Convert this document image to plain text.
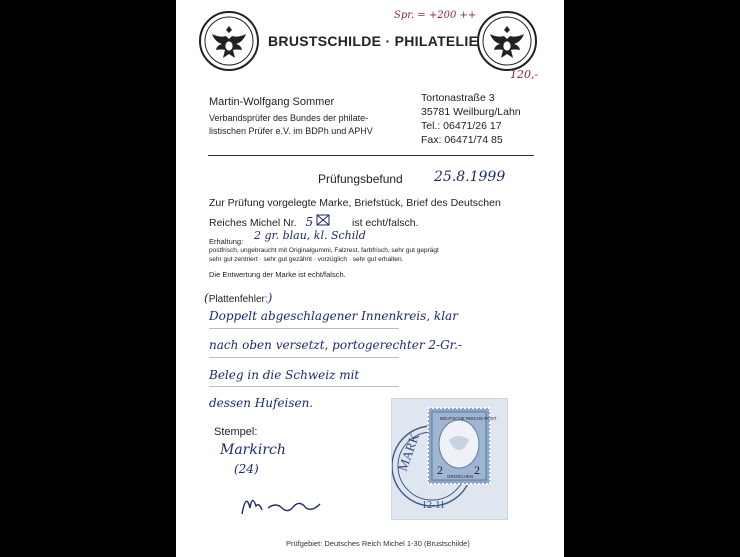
Spr. = +200 ++
BRUSTSCHILDE · PHILATELIE
120,-
Martin-Wolfgang Sommer
Verbandsprüfer des Bundes der philate-
listischen Prüfer e.V. im BDPh und APHV
Tortonastraße 3
35781 Weilburg/Lahn
Tel.: 06471/26 17
Fax: 06471/74 85
Prüfungsbefund 25.8.1999
Zur Prüfung vorgelegte Marke, Briefstück, Brief des Deutschen
Reiches Michel Nr. 5	ist echt/falsch.
Erhaltung: 2 gr. blau, kl. Schild
postfrisch, ungebraucht mit Originalgummi, Falzrest, farbfrisch, sehr gut geprägt
sehr gut zentriert · sehr gut gezähnt · vorzüglich · sehr gut erhalten.
Die Entwertung der Marke ist echt/falsch.
(Plattenfehler:)
Doppelt abgeschlagener Innenkreis, klar
nach oben versetzt, portogerechter 2-Gr.-
Beleg in die Schweiz mit
dessen Hufeisen.
Stempel:
Markirch
(24)	2	2
DEUTSCHE REICHS POST
GROSCHEN
MARK
12-11
Prüfgebiet: Deutsches Reich Michel 1-30 (Brustschilde)
